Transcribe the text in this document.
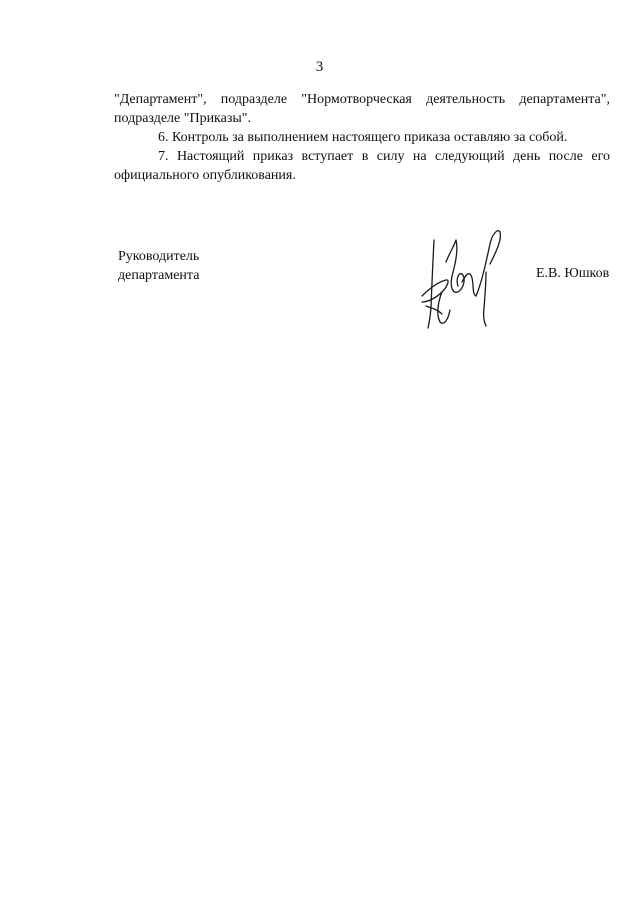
3
"Департамент", подразделе "Нормотворческая деятельность департамента",
подразделе "Приказы".
6. Контроль за выполнением настоящего приказа оставляю за собой.
7. Настоящий приказ вступает в силу на следующий день после его
официального опубликования.
Руководитель
департамента	Е.В. Юшков
